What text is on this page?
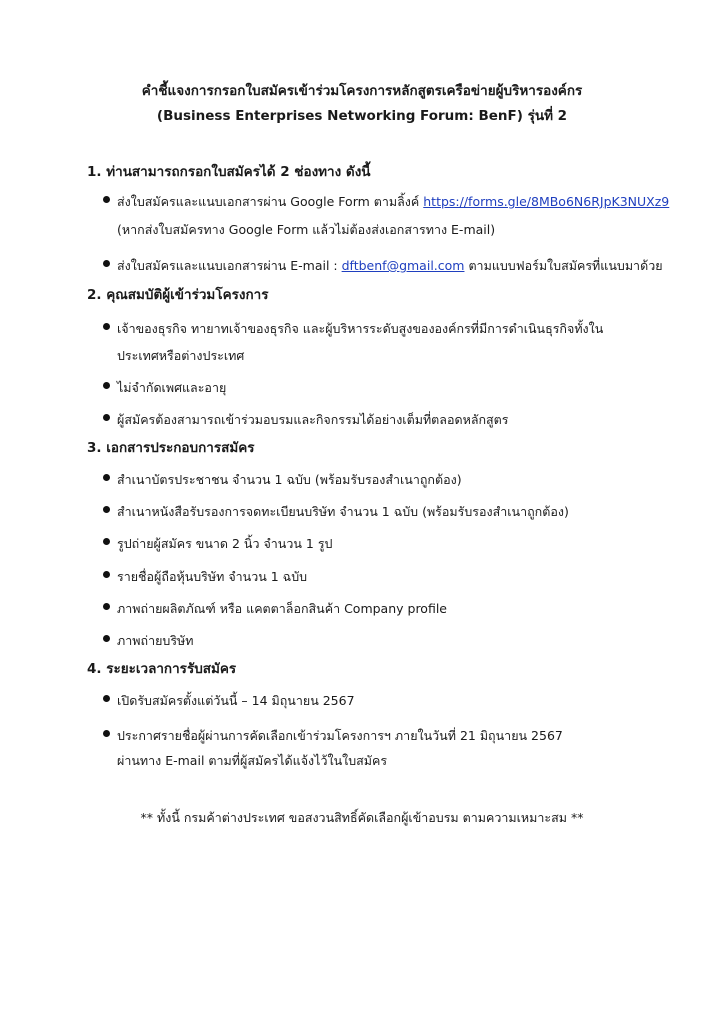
คำชี้แจงการกรอกใบสมัครเข้าร่วมโครงการหลักสูตรเครือข่ายผู้บริหารองค์กร
(Business Enterprises Networking Forum: BenF) รุ่นที่ 2
1. ท่านสามารถกรอกใบสมัครได้ 2 ช่องทาง ดังนี้
ส่งใบสมัครและแนบเอกสารผ่าน Google Form ตามลิ้งค์ https://forms.gle/8MBo6N6RJpK3NUXz9
(หากส่งใบสมัครทาง Google Form แล้วไม่ต้องส่งเอกสารทาง E-mail)
ส่งใบสมัครและแนบเอกสารผ่าน E-mail : dftbenf@gmail.com ตามแบบฟอร์มใบสมัครที่แนบมาด้วย
2. คุณสมบัติผู้เข้าร่วมโครงการ
เจ้าของธุรกิจ ทายาทเจ้าของธุรกิจ และผู้บริหารระดับสูงขององค์กรที่มีการดำเนินธุรกิจทั้งใน
ประเทศหรือต่างประเทศ
ไม่จำกัดเพศและอายุ
ผู้สมัครต้องสามารถเข้าร่วมอบรมและกิจกรรมได้อย่างเต็มที่ตลอดหลักสูตร
3. เอกสารประกอบการสมัคร
สำเนาบัตรประชาชน จำนวน 1 ฉบับ (พร้อมรับรองสำเนาถูกต้อง)
สำเนาหนังสือรับรองการจดทะเบียนบริษัท จำนวน 1 ฉบับ (พร้อมรับรองสำเนาถูกต้อง)
รูปถ่ายผู้สมัคร ขนาด 2 นิ้ว จำนวน 1 รูป
รายชื่อผู้ถือหุ้นบริษัท จำนวน 1 ฉบับ
ภาพถ่ายผลิตภัณฑ์ หรือ แคตตาล็อกสินค้า Company profile
ภาพถ่ายบริษัท
4. ระยะเวลาการรับสมัคร
เปิดรับสมัครตั้งแต่วันนี้ – 14 มิถุนายน 2567
ประกาศรายชื่อผู้ผ่านการคัดเลือกเข้าร่วมโครงการฯ ภายในวันที่ 21 มิถุนายน 2567
ผ่านทาง E-mail ตามที่ผู้สมัครได้แจ้งไว้ในใบสมัคร
** ทั้งนี้ กรมค้าต่างประเทศ ขอสงวนสิทธิ์คัดเลือกผู้เข้าอบรม ตามความเหมาะสม **
